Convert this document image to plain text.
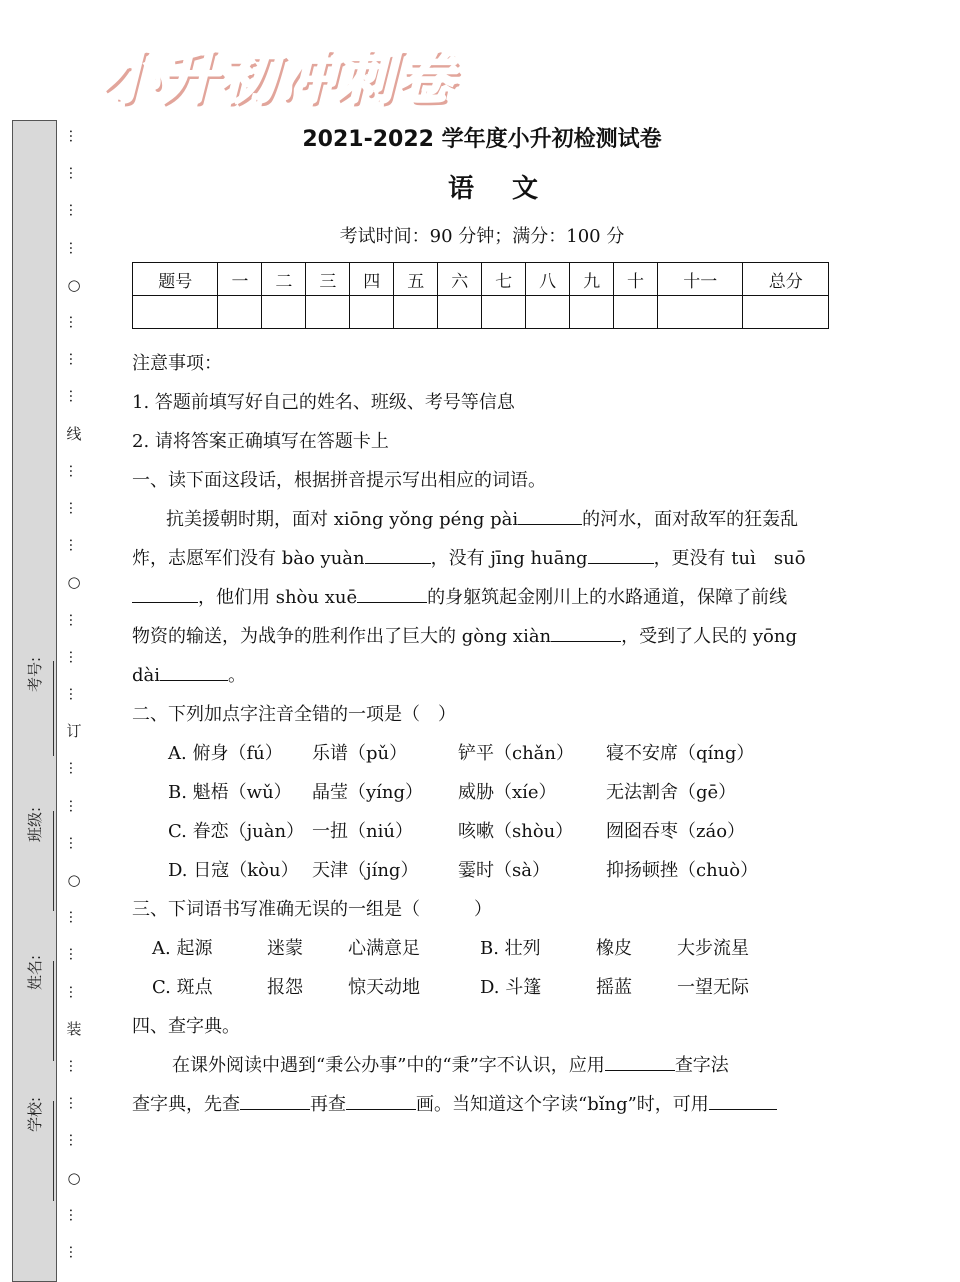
小升初冲刺卷
考号:
班级:
姓名:
学校:
…
…
…
…
○
…
…
…
线
…
…
…
○
…
…
…
订
…
…
…
○
…
…
…
装
…
…
…
○
…
…
2021-2022 学年度小升初检测试卷
语文
考试时间：90 分钟；满分：100 分
题号	一	二	三	四	五	六	七	八	九	十	十一	总分

注意事项：

1. 答题前填写好自己的姓名、班级、考号等信息

2. 请将答案正确填写在答题卡上

一、读下面这段话，根据拼音提示写出相应的词语。

抗美援朝时期，面对 xiōng yǒng péng pài	的河水，面对敌军的狂轰乱

炸，志愿军们没有 bào yuàn	，没有 jīng huāng	，更没有 tuì　suō

，他们用 shòu xuē	的身躯筑起金刚川上的水路通道，保障了前线

物资的输送，为战争的胜利作出了巨大的 gòng xiàn	，受到了人民的 yōng

dài	。

二、下列加点字注音全错的一项是（　）

A. 俯身（fú）	乐谱（pǔ）	铲平（chǎn）	寝不安席（qíng）
B. 魁梧（wǔ）	晶莹（yíng）	威胁（xíe）	无法割舍（gē）
C. 眷恋（juàn） 一扭（niú）	咳嗽（shòu）	囫囵吞枣（záo）
D. 日寇（kòu） 天津（jíng）	霎时（sà）	抑扬顿挫（chuò）

三、下词语书写准确无误的一组是（　　　）

A. 起源	迷蒙	心满意足	B. 壮列	橡皮	大步流星
C. 斑点	报怨	惊天动地	D. 斗篷	摇蓝	一望无际

四、查字典。

在课外阅读中遇到“秉公办事”中的“秉”字不认识，应用	查字法

查字典，先查	再查	画。当知道这个字读“bǐng”时，可用
